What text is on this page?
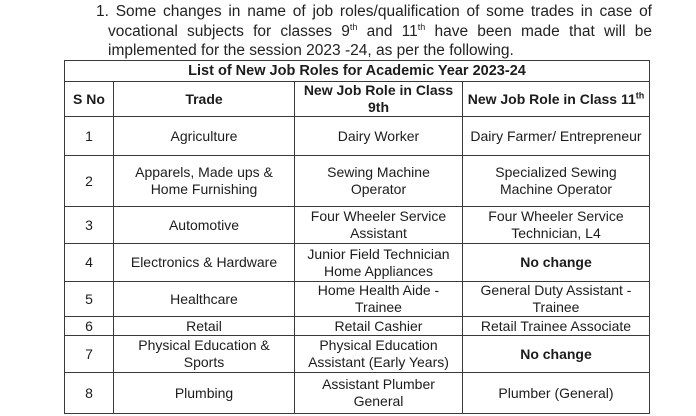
1. Some changes in name of job roles/qualification of some trades in case of
vocational subjects for classes 9th and 11th have been made that will be
implemented for the session 2023 -24, as per the following.
List of New Job Roles for Academic Year 2023-24			
S No	Trade	New Job Role in Class 9th	New Job Role in Class 11th
1	Agriculture	Dairy Worker	Dairy Farmer/ Entrepreneur
2	Apparels, Made ups & Home Furnishing	Sewing Machine Operator	Specialized Sewing Machine Operator
3	Automotive	Four Wheeler Service Assistant	Four Wheeler Service Technician, L4
4	Electronics & Hardware	Junior Field Technician Home Appliances	No change
5	Healthcare	Home Health Aide - Trainee	General Duty Assistant - Trainee
6	Retail	Retail Cashier	Retail Trainee Associate
7	Physical Education & Sports	Physical Education Assistant (Early Years)	No change
8	Plumbing	Assistant Plumber General	Plumber (General)
